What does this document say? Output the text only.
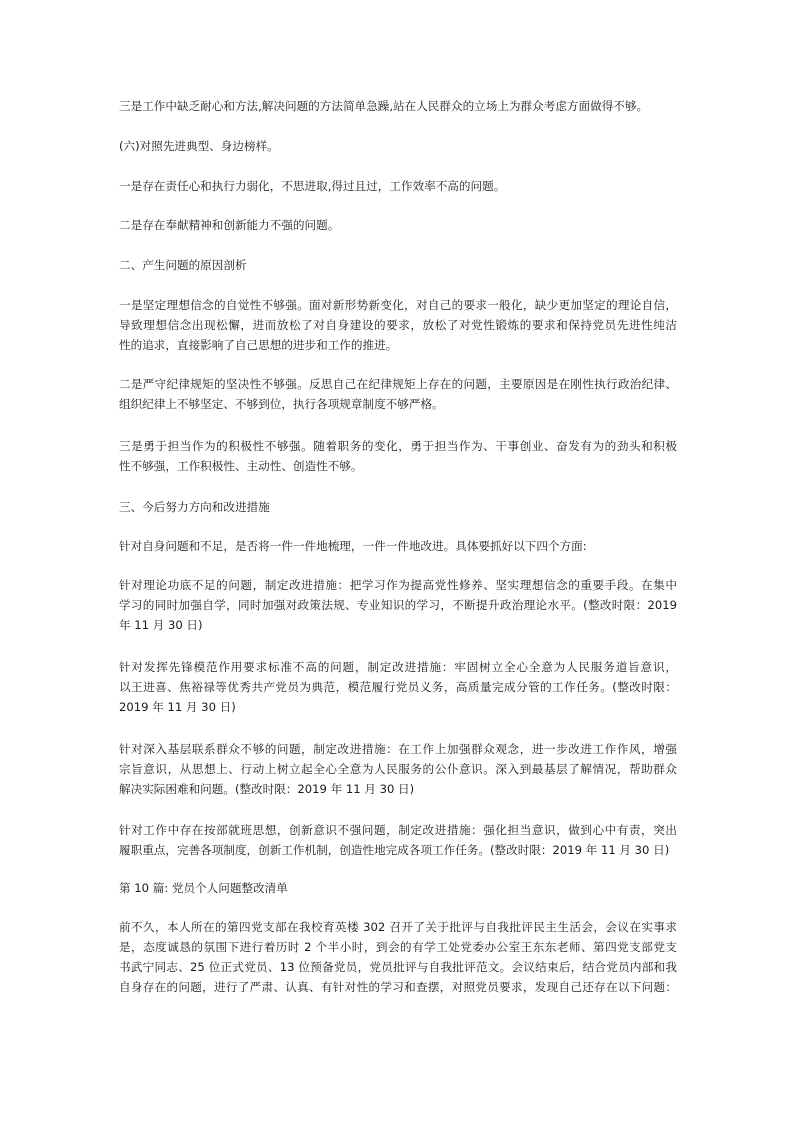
三是工作中缺乏耐心和方法,解决问题的方法简单急躁,站在人民群众的立场上为群众考虑方面做得不够。
(六)对照先进典型、身边榜样。
一是存在责任心和执行力弱化，不思进取,得过且过，工作效率不高的问题。
二是存在奉献精神和创新能力不强的问题。
二、产生问题的原因剖析
一是坚定理想信念的自觉性不够强。面对新形势新变化，对自己的要求一般化，缺少更加坚定的理论自信，
导致理想信念出现松懈，进而放松了对自身建设的要求，放松了对党性锻炼的要求和保持党员先进性纯洁
性的追求，直接影响了自己思想的进步和工作的推进。
二是严守纪律规矩的坚决性不够强。反思自己在纪律规矩上存在的问题，主要原因是在刚性执行政治纪律、
组织纪律上不够坚定、不够到位，执行各项规章制度不够严格。
三是勇于担当作为的积极性不够强。随着职务的变化，勇于担当作为、干事创业、奋发有为的劲头和积极
性不够强，工作积极性、主动性、创造性不够。
三、今后努力方向和改进措施
针对自身问题和不足，是否将一件一件地梳理，一件一件地改进。具体要抓好以下四个方面:
针对理论功底不足的问题，制定改进措施：把学习作为提高党性修养、坚实理想信念的重要手段。在集中
学习的同时加强自学，同时加强对政策法规、专业知识的学习，不断提升政治理论水平。(整改时限：2019
年 11 月 30 日)
针对发挥先锋模范作用要求标准不高的问题，制定改进措施：牢固树立全心全意为人民服务道旨意识，
以王进喜、焦裕禄等优秀共产党员为典范，模范履行党员义务，高质量完成分管的工作任务。(整改时限：
2019 年 11 月 30 日)
针对深入基层联系群众不够的问题，制定改进措施：在工作上加强群众观念，进一步改进工作作风，增强
宗旨意识，从思想上、行动上树立起全心全意为人民服务的公仆意识。深入到最基层了解情况，帮助群众
解决实际困难和问题。(整改时限：2019 年 11 月 30 日)
针对工作中存在按部就班思想，创新意识不强问题，制定改进措施：强化担当意识，做到心中有责，突出
履职重点，完善各项制度，创新工作机制，创造性地完成各项工作任务。(整改时限：2019 年 11 月 30 日)
第 10 篇: 党员个人问题整改清单
前不久，本人所在的第四党支部在我校育英楼 302 召开了关于批评与自我批评民主生活会，会议在实事求
是，态度诚恳的氛围下进行着历时 2 个半小时，到会的有学工处党委办公室王东东老师、第四党支部党支
书武宁同志、25 位正式党员、13 位预备党员，党员批评与自我批评范文。会议结束后，结合党员内部和我
自身存在的问题，进行了严肃、认真、有针对性的学习和查摆，对照党员要求，发现自己还存在以下问题：
